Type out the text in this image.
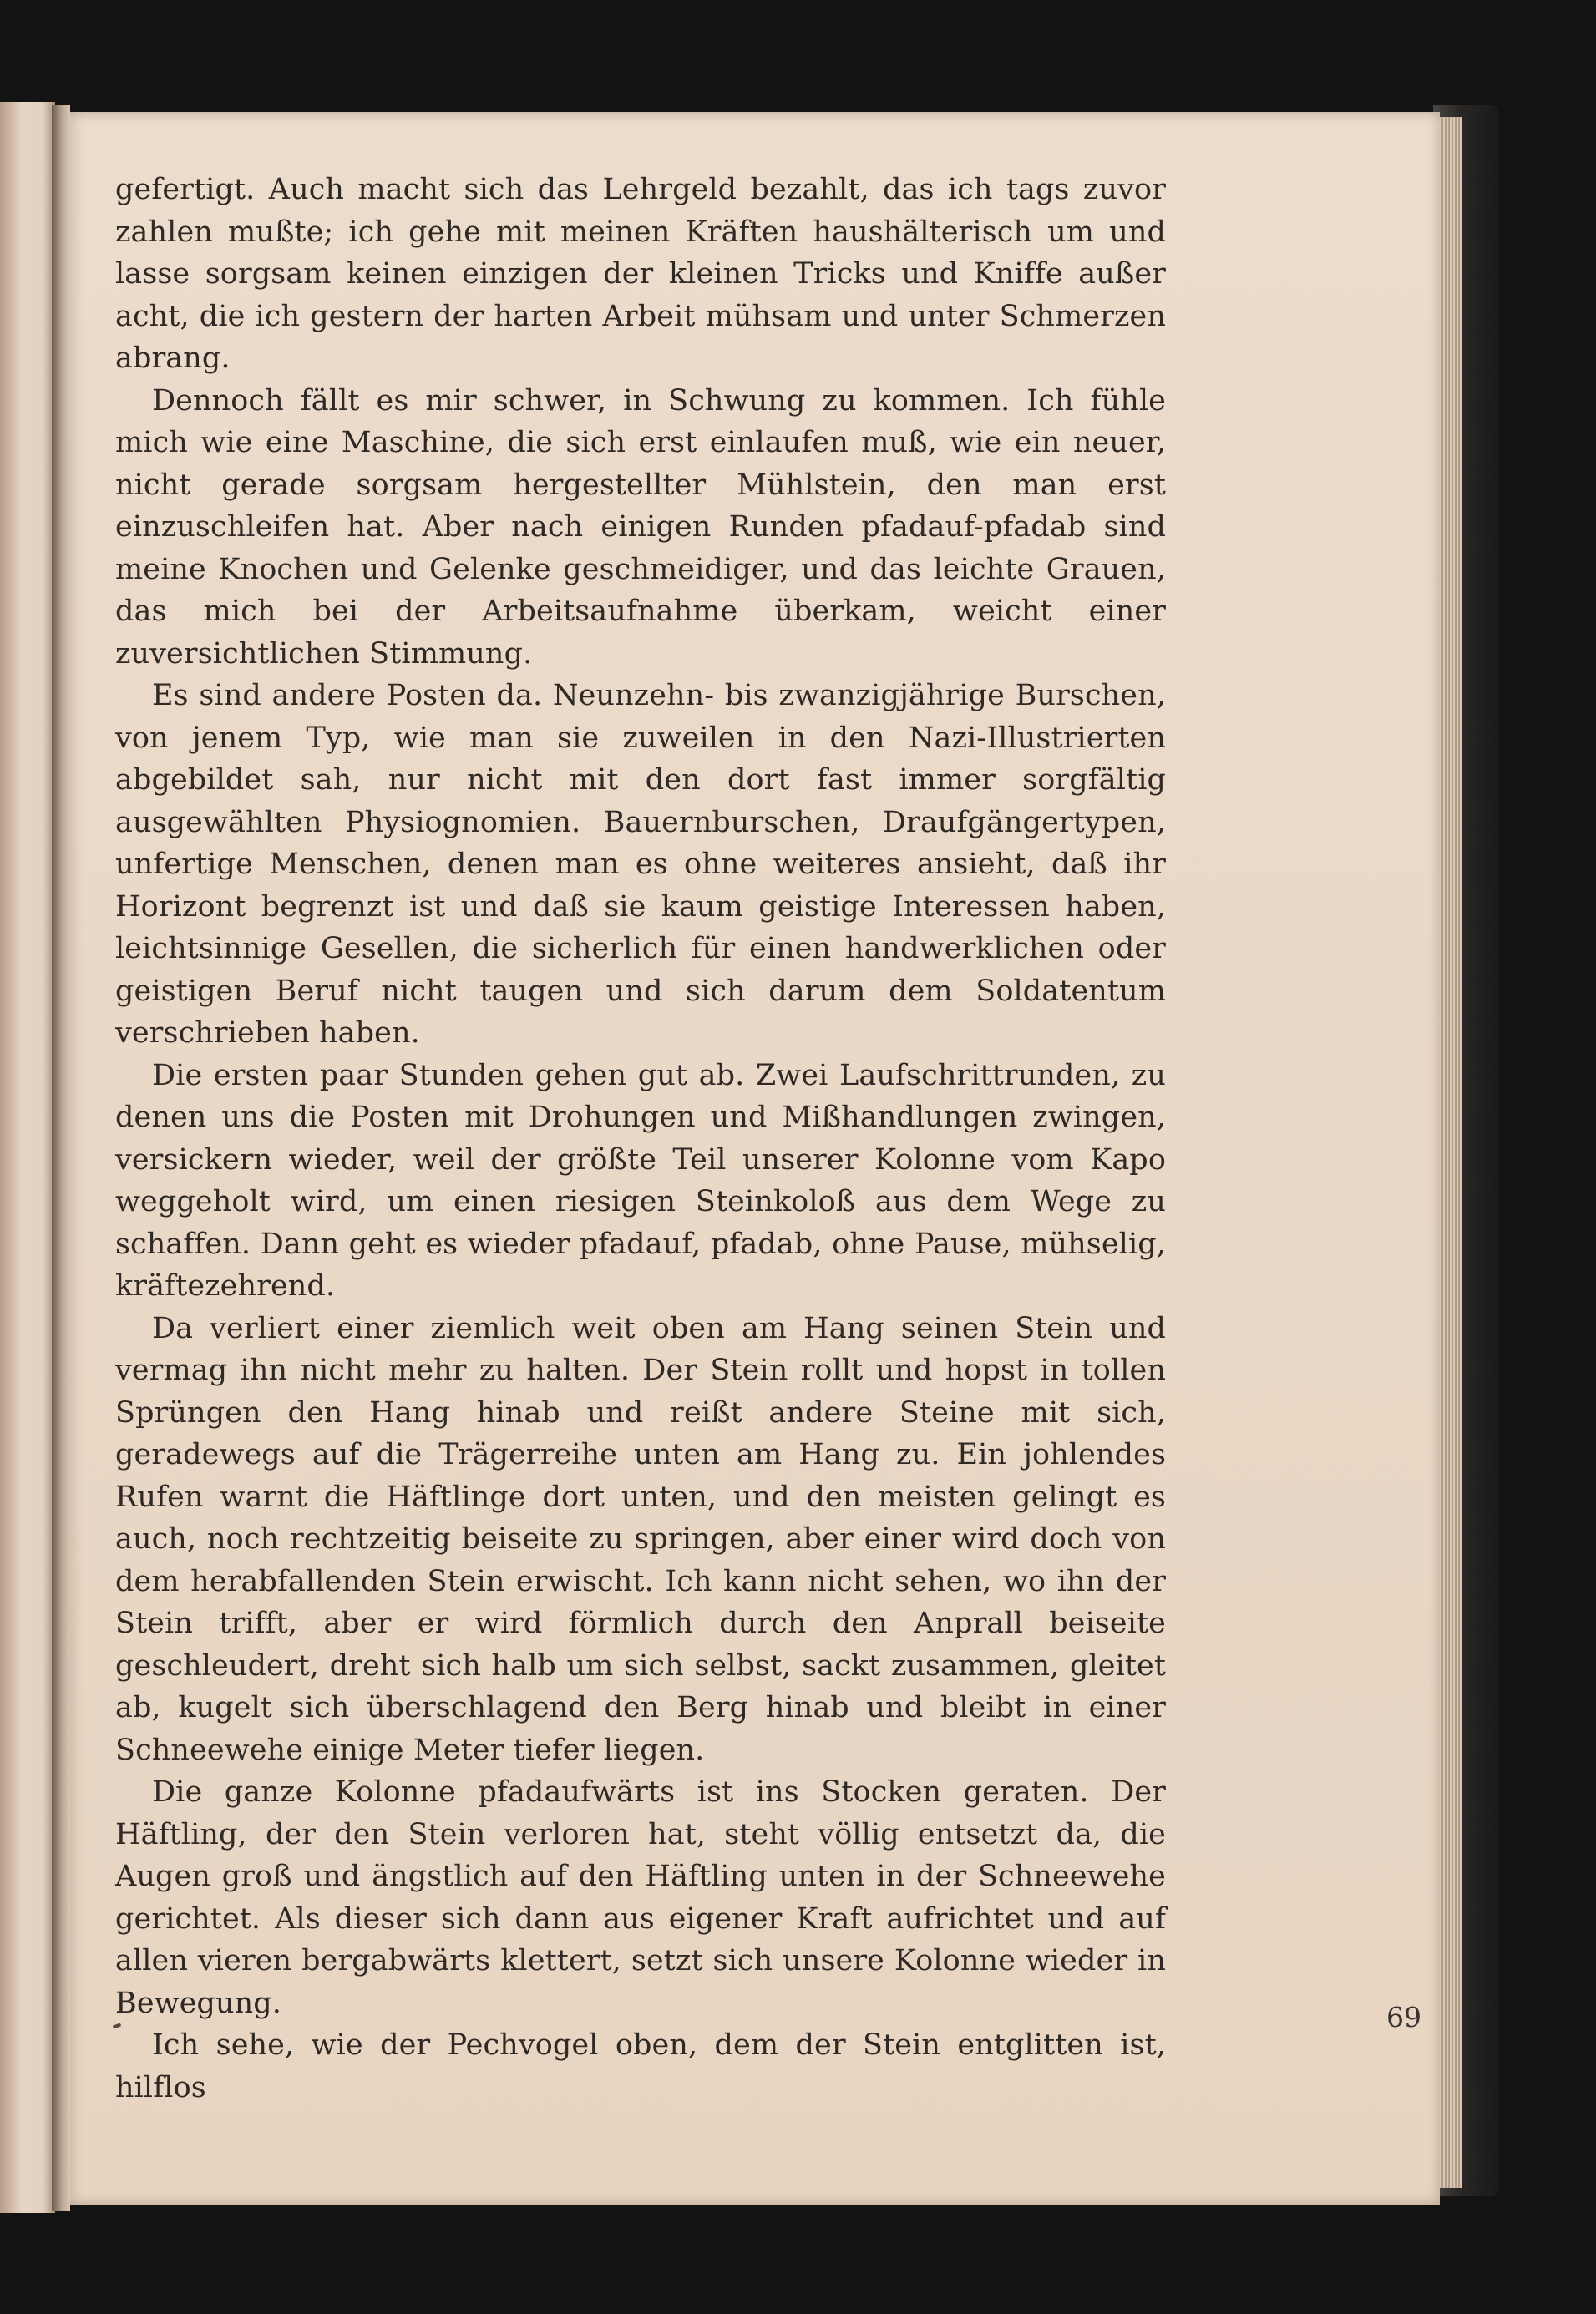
gefertigt. Auch macht sich das Lehrgeld bezahlt, das ich tags zuvor zahlen mußte; ich gehe mit meinen Kräften haushälterisch um und lasse sorgsam keinen einzigen der kleinen Tricks und Kniffe außer acht, die ich gestern der harten Arbeit mühsam und unter Schmerzen abrang.

Dennoch fällt es mir schwer, in Schwung zu kommen. Ich fühle mich wie eine Maschine, die sich erst einlaufen muß, wie ein neuer, nicht gerade sorgsam hergestellter Mühlstein, den man erst einzuschleifen hat. Aber nach einigen Runden pfadauf-pfadab sind meine Knochen und Gelenke geschmeidiger, und das leichte Grauen, das mich bei der Arbeitsaufnahme überkam, weicht einer zuversichtlichen Stimmung.

Es sind andere Posten da. Neunzehn- bis zwanzigjährige Burschen, von jenem Typ, wie man sie zuweilen in den Nazi-Illustrierten abgebildet sah, nur nicht mit den dort fast immer sorgfältig ausgewählten Physiognomien. Bauernburschen, Draufgängertypen, unfertige Menschen, denen man es ohne weiteres ansieht, daß ihr Horizont begrenzt ist und daß sie kaum geistige Interessen haben, leichtsinnige Gesellen, die sicherlich für einen handwerklichen oder geistigen Beruf nicht taugen und sich darum dem Soldatentum verschrieben haben.

Die ersten paar Stunden gehen gut ab. Zwei Laufschrittrunden, zu denen uns die Posten mit Drohungen und Mißhandlungen zwingen, versickern wieder, weil der größte Teil unserer Kolonne vom Kapo weggeholt wird, um einen riesigen Steinkoloß aus dem Wege zu schaffen. Dann geht es wieder pfadauf, pfadab, ohne Pause, mühselig, kräftezehrend.

Da verliert einer ziemlich weit oben am Hang seinen Stein und vermag ihn nicht mehr zu halten. Der Stein rollt und hopst in tollen Sprüngen den Hang hinab und reißt andere Steine mit sich, geradewegs auf die Trägerreihe unten am Hang zu. Ein johlendes Rufen warnt die Häftlinge dort unten, und den meisten gelingt es auch, noch rechtzeitig beiseite zu springen, aber einer wird doch von dem herabfallenden Stein erwischt. Ich kann nicht sehen, wo ihn der Stein trifft, aber er wird förmlich durch den Anprall beiseite geschleudert, dreht sich halb um sich selbst, sackt zusammen, gleitet ab, kugelt sich überschlagend den Berg hinab und bleibt in einer Schneewehe einige Meter tiefer liegen.

Die ganze Kolonne pfadaufwärts ist ins Stocken geraten. Der Häftling, der den Stein verloren hat, steht völlig entsetzt da, die Augen groß und ängstlich auf den Häftling unten in der Schneewehe gerichtet. Als dieser sich dann aus eigener Kraft aufrichtet und auf allen vieren bergabwärts klettert, setzt sich unsere Kolonne wieder in Bewegung.

Ich sehe, wie der Pechvogel oben, dem der Stein entglitten ist, hilflos

69
